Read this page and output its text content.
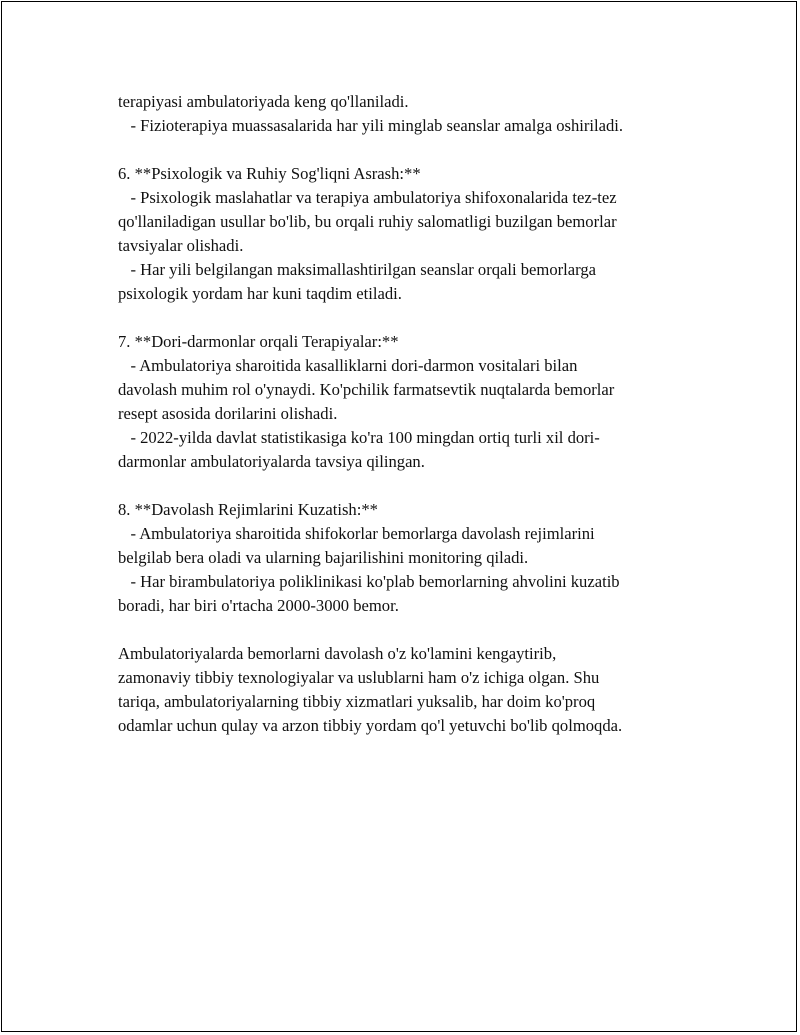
terapiyasi ambulatoriyada keng qo'llaniladi.
- Fizioterapiya muassasalarida har yili minglab seanslar amalga oshiriladi.
6. **Psixologik va Ruhiy Sog'liqni Asrash:**
- Psixologik maslahatlar va terapiya ambulatoriya shifoxonalarida tez-tez
qo'llaniladigan usullar bo'lib, bu orqali ruhiy salomatligi buzilgan bemorlar
tavsiyalar olishadi.
- Har yili belgilangan maksimallashtirilgan seanslar orqali bemorlarga
psixologik yordam har kuni taqdim etiladi.
7. **Dori-darmonlar orqali Terapiyalar:**
- Ambulatoriya sharoitida kasalliklarni dori-darmon vositalari bilan
davolash muhim rol o'ynaydi. Ko'pchilik farmatsevtik nuqtalarda bemorlar
resept asosida dorilarini olishadi.
- 2022-yilda davlat statistikasiga ko'ra 100 mingdan ortiq turli xil dori-
darmonlar ambulatoriyalarda tavsiya qilingan.
8. **Davolash Rejimlarini Kuzatish:**
- Ambulatoriya sharoitida shifokorlar bemorlarga davolash rejimlarini
belgilab bera oladi va ularning bajarilishini monitoring qiladi.
- Har birambulatoriya poliklinikasi ko'plab bemorlarning ahvolini kuzatib
boradi, har biri o'rtacha 2000-3000 bemor.
Ambulatoriyalarda bemorlarni davolash o'z ko'lamini kengaytirib,
zamonaviy tibbiy texnologiyalar va uslublarni ham o'z ichiga olgan. Shu
tariqa, ambulatoriyalarning tibbiy xizmatlari yuksalib, har doim ko'proq
odamlar uchun qulay va arzon tibbiy yordam qo'l yetuvchi bo'lib qolmoqda.
